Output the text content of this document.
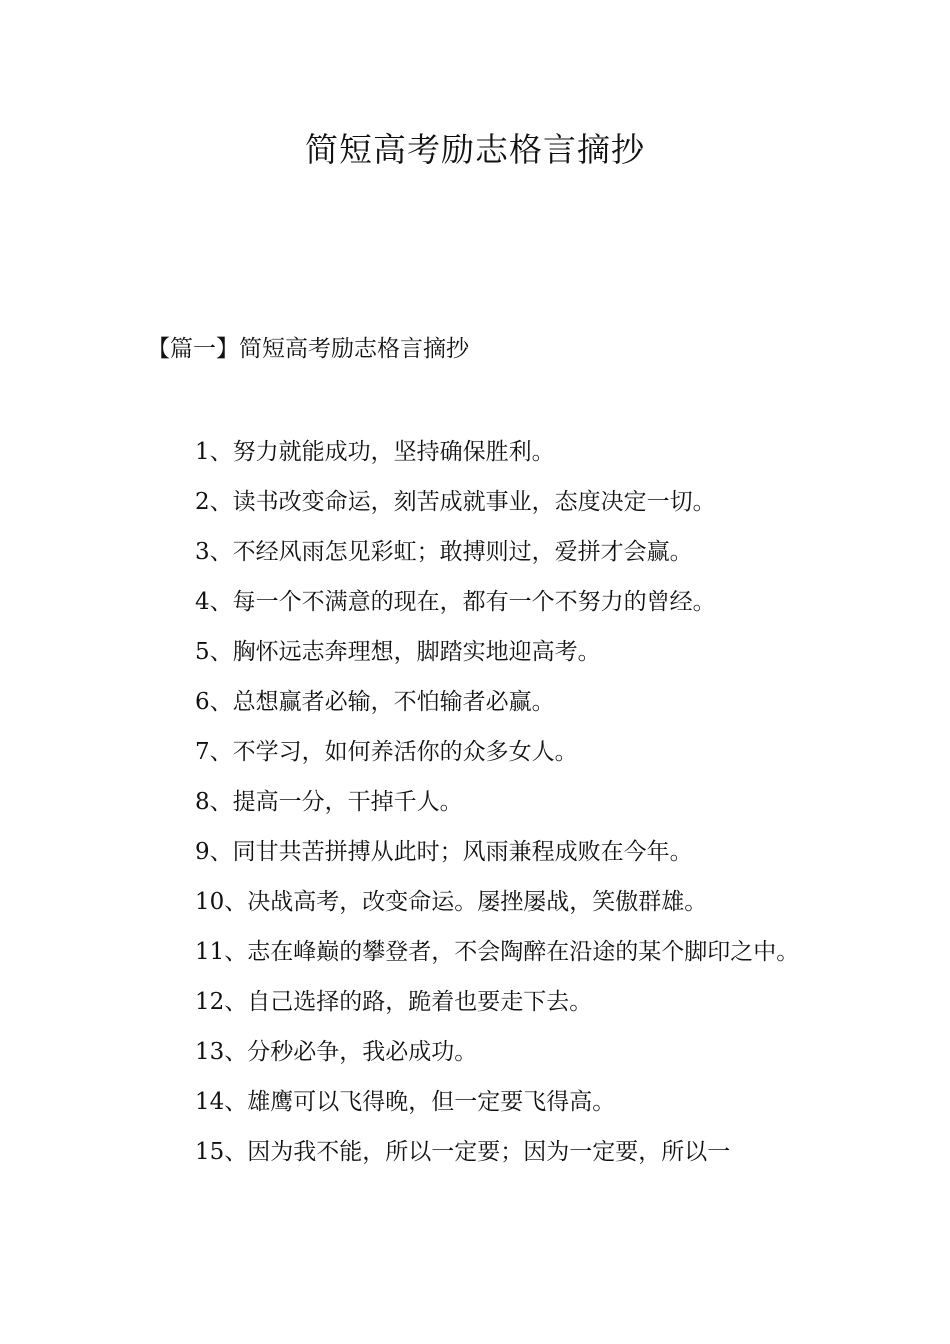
简短高考励志格言摘抄
【篇一】简短高考励志格言摘抄
1、努力就能成功，坚持确保胜利。
2、读书改变命运，刻苦成就事业，态度决定一切。
3、不经风雨怎见彩虹；敢搏则过，爱拼才会赢。
4、每一个不满意的现在，都有一个不努力的曾经。
5、胸怀远志奔理想，脚踏实地迎高考。
6、总想赢者必输，不怕输者必赢。
7、不学习，如何养活你的众多女人。
8、提高一分，干掉千人。
9、同甘共苦拼搏从此时；风雨兼程成败在今年。
10、决战高考，改变命运。屡挫屡战，笑傲群雄。
11、志在峰巅的攀登者，不会陶醉在沿途的某个脚印之中。
12、自己选择的路，跪着也要走下去。
13、分秒必争，我必成功。
14、雄鹰可以飞得晚，但一定要飞得高。
15、因为我不能，所以一定要；因为一定要，所以一
